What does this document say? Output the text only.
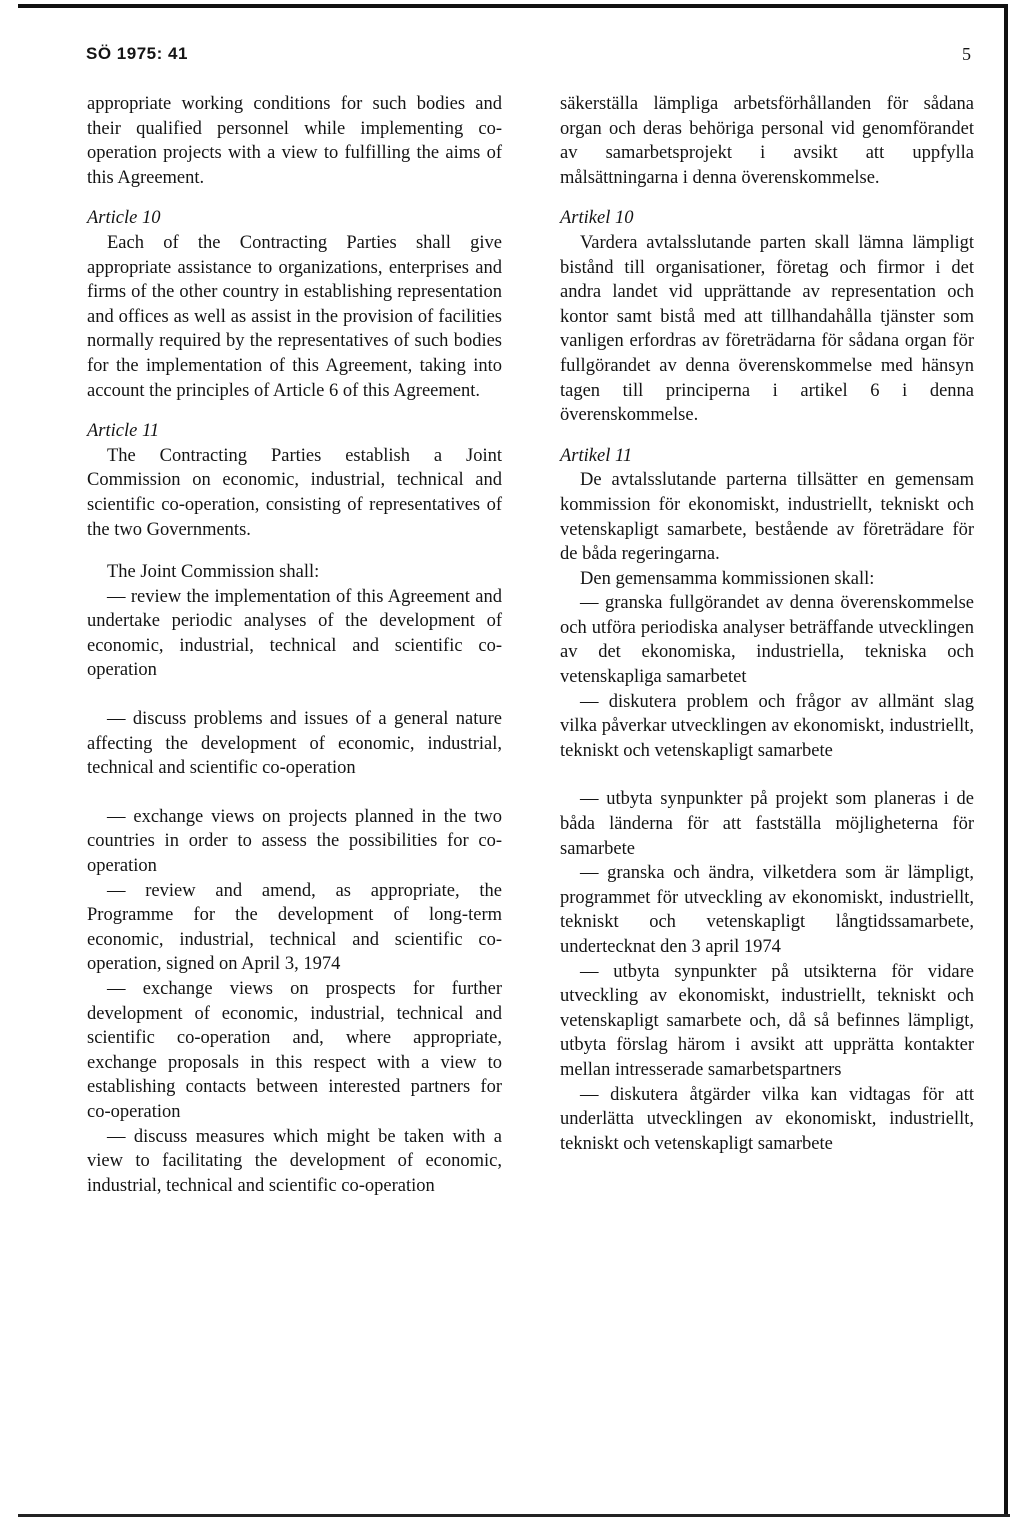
SÖ 1975: 41	5

appropriate working conditions for such bodies and their qualified personnel while implementing co-operation projects with a view to fulfilling the aims of this Agreement.

Article 10

Each of the Contracting Parties shall give appropriate assistance to organizations, enterprises and firms of the other country in establishing representation and offices as well as assist in the provision of facilities normally required by the representatives of such bodies for the implementation of this Agreement, taking into account the principles of Article 6 of this Agreement.

Article 11

The Contracting Parties establish a Joint Commission on economic, industrial, technical and scientific co-operation, consisting of representatives of the two Governments.

The Joint Commission shall:

— review the implementation of this Agreement and undertake periodic analyses of the development of economic, industrial, technical and scientific co-operation

— discuss problems and issues of a general nature affecting the development of economic, industrial, technical and scientific co-operation

— exchange views on projects planned in the two countries in order to assess the possibilities for co-operation

— review and amend, as appropriate, the Programme for the development of long-term economic, industrial, technical and scientific co-operation, signed on April 3, 1974

— exchange views on prospects for further development of economic, industrial, technical and scientific co-operation and, where appropriate, exchange proposals in this respect with a view to establishing contacts between interested partners for co-operation

— discuss measures which might be taken with a view to facilitating the development of economic, industrial, technical and scientific co-operation

säkerställa lämpliga arbetsförhållanden för sådana organ och deras behöriga personal vid genomförandet av samarbetsprojekt i avsikt att uppfylla målsättningarna i denna överenskommelse.

Artikel 10

Vardera avtalsslutande parten skall lämna lämpligt bistånd till organisationer, företag och firmor i det andra landet vid upprättande av representation och kontor samt bistå med att tillhandahålla tjänster som vanligen erfordras av företrädarna för sådana organ för fullgörandet av denna överenskommelse med hänsyn tagen till principerna i artikel 6 i denna överenskommelse.

Artikel 11

De avtalsslutande parterna tillsätter en gemensam kommission för ekonomiskt, industriellt, tekniskt och vetenskapligt samarbete, bestående av företrädare för de båda regeringarna.

Den gemensamma kommissionen skall:

— granska fullgörandet av denna överenskommelse och utföra periodiska analyser beträffande utvecklingen av det ekonomiska, industriella, tekniska och vetenskapliga samarbetet

— diskutera problem och frågor av allmänt slag vilka påverkar utvecklingen av ekonomiskt, industriellt, tekniskt och vetenskapligt samarbete

— utbyta synpunkter på projekt som planeras i de båda länderna för att fastställa möjligheterna för samarbete

— granska och ändra, vilketdera som är lämpligt, programmet för utveckling av ekonomiskt, industriellt, tekniskt och vetenskapligt långtidssamarbete, undertecknat den 3 april 1974

— utbyta synpunkter på utsikterna för vidare utveckling av ekonomiskt, industriellt, tekniskt och vetenskapligt samarbete och, då så befinnes lämpligt, utbyta förslag härom i avsikt att upprätta kontakter mellan intresserade samarbetspartners

— diskutera åtgärder vilka kan vidtagas för att underlätta utvecklingen av ekonomiskt, industriellt, tekniskt och vetenskapligt samarbete
